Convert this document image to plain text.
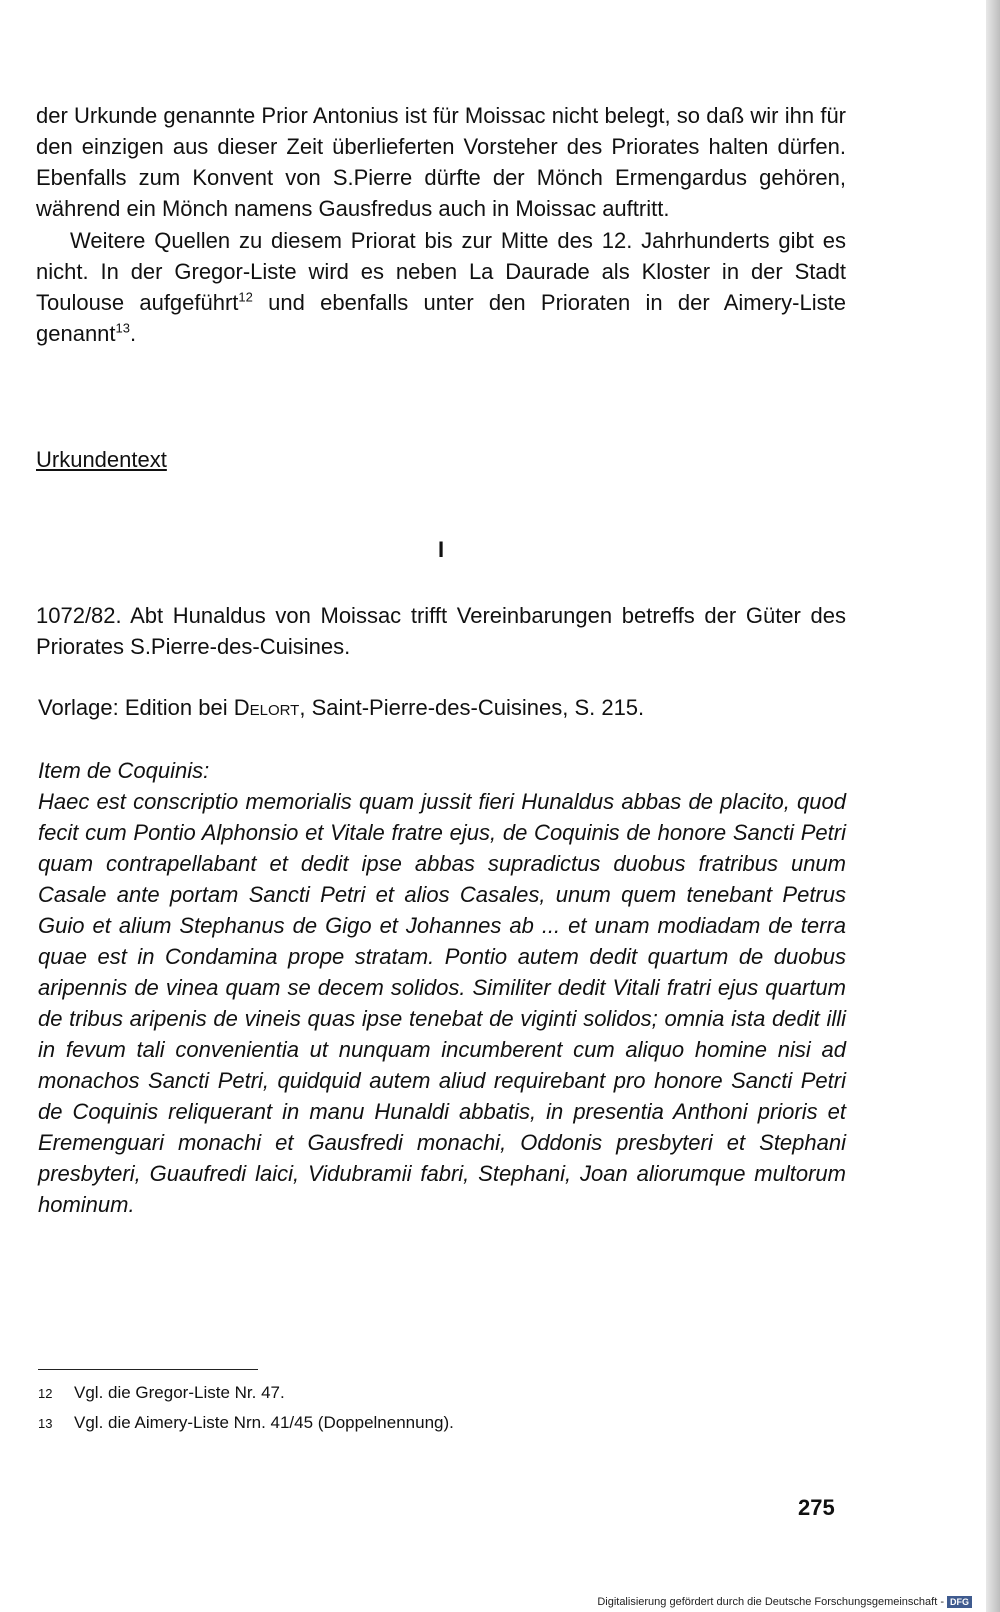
der Urkunde genannte Prior Antonius ist für Moissac nicht belegt, so daß wir ihn für den einzigen aus dieser Zeit überlieferten Vorsteher des Priorates halten dürfen. Ebenfalls zum Konvent von S.Pierre dürfte der Mönch Ermengardus gehören, während ein Mönch namens Gausfredus auch in Moissac auftritt.

Weitere Quellen zu diesem Priorat bis zur Mitte des 12. Jahrhunderts gibt es nicht. In der Gregor-Liste wird es neben La Daurade als Kloster in der Stadt Toulouse aufgeführt$^{12}$ und ebenfalls unter den Prioraten in der Aimery-Liste genannt$^{13}$.

Urkundentext

I

1072/82. Abt Hunaldus von Moissac trifft Vereinbarungen betreffs der Güter des Priorates S.Pierre-des-Cuisines.

Vorlage: Edition bei Delort, Saint-Pierre-des-Cuisines, S. 215.

Item de Coquinis:
Haec est conscriptio memorialis quam jussit fieri Hunaldus abbas de placito, quod fecit cum Pontio Alphonsio et Vitale fratre ejus, de Coquinis de honore Sancti Petri quam contrapellabant et dedit ipse abbas supradictus duobus fratribus unum Casale ante portam Sancti Petri et alios Casales, unum quem tenebant Petrus Guio et alium Stephanus de Gigo et Johannes ab ... et unam modiadam de terra quae est in Condamina prope stratam. Pontio autem dedit quartum de duobus aripennis de vinea quam se decem solidos. Similiter dedit Vitali fratri ejus quartum de tribus aripenis de vineis quas ipse tenebat de viginti solidos; omnia ista dedit illi in fevum tali convenientia ut nunquam incumberent cum aliquo homine nisi ad monachos Sancti Petri, quidquid autem aliud requirebant pro honore Sancti Petri de Coquinis reliquerant in manu Hunaldi abbatis, in presentia Anthoni prioris et Eremenguari monachi et Gausfredi monachi, Oddonis presbyteri et Stephani presbyteri, Guaufredi laici, Vidubramii fabri, Stephani, Joan aliorumque multorum hominum.
12	Vgl. die Gregor-Liste Nr. 47.
13	Vgl. die Aimery-Liste Nrn. 41/45 (Doppelnennung).

275

Digitalisierung gefördert durch die Deutsche Forschungsgemeinschaft - DFG
